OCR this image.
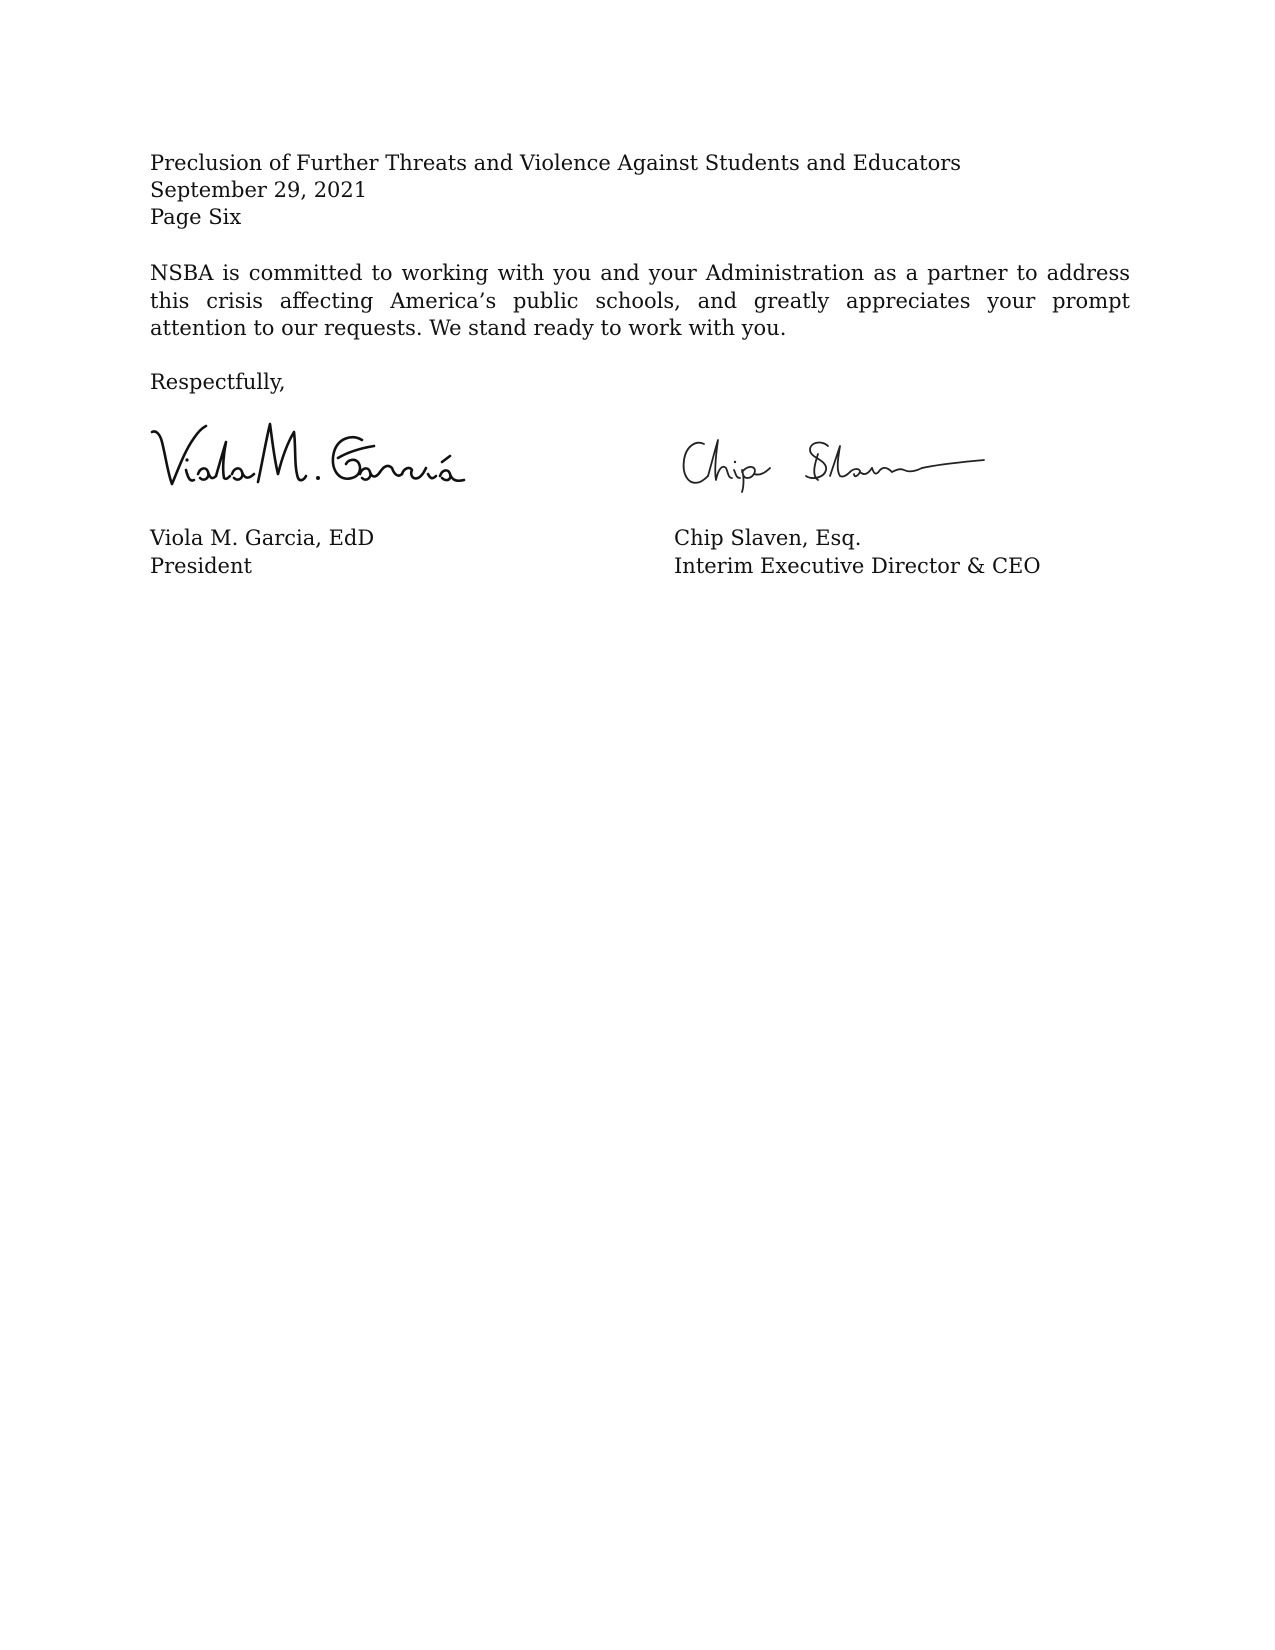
Preclusion of Further Threats and Violence Against Students and Educators
September 29, 2021
Page Six
NSBA is committed to working with you and your Administration as a partner to address this crisis affecting America’s public schools, and greatly appreciates your prompt attention to our requests. We stand ready to work with you.
Respectfully,
Viola M. Garcia, EdD
President
Chip Slaven, Esq.
Interim Executive Director & CEO
